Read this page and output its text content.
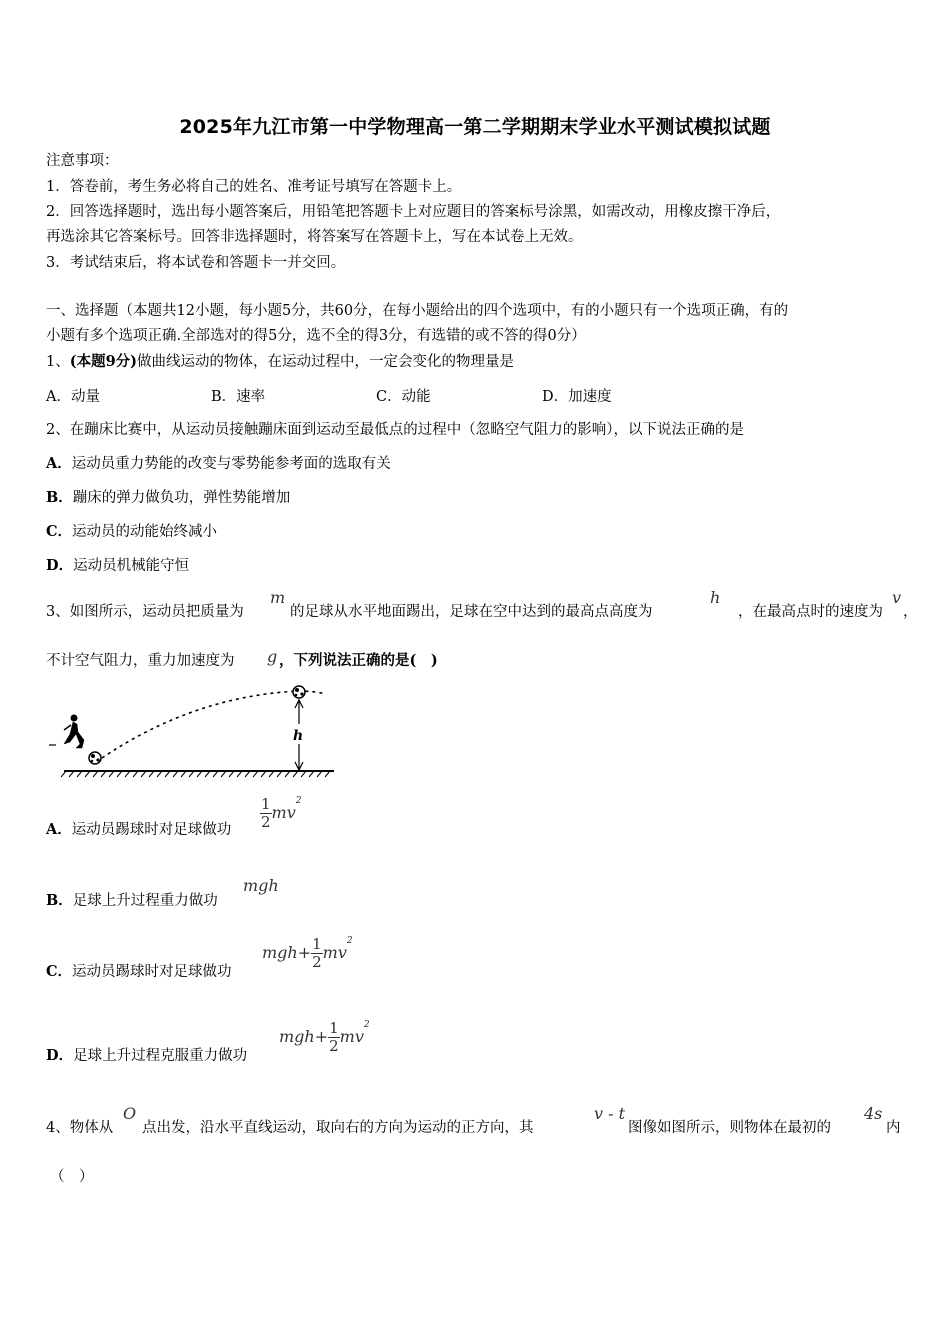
2025年九江市第一中学物理高一第二学期期末学业水平测试模拟试题
注意事项：
1．答卷前，考生务必将自己的姓名、准考证号填写在答题卡上。
2．回答选择题时，选出每小题答案后，用铅笔把答题卡上对应题目的答案标号涂黑，如需改动，用橡皮擦干净后，
再选涂其它答案标号。回答非选择题时，将答案写在答题卡上，写在本试卷上无效。
3．考试结束后，将本试卷和答题卡一并交回。
一、选择题（本题共12小题，每小题5分，共60分，在每小题给出的四个选项中，有的小题只有一个选项正确，有的
小题有多个选项正确.全部选对的得5分，选不全的得3分，有选错的或不答的得0分）
1、(本题9分)做曲线运动的物体，在运动过程中，一定会变化的物理量是
A．动量	B．速率	C．动能	D．加速度
2、在蹦床比赛中，从运动员接触蹦床面到运动至最低点的过程中（忽略空气阻力的影响），以下说法正确的是
A．运动员重力势能的改变与零势能参考面的选取有关
B．蹦床的弹力做负功，弹性势能增加
C．运动员的动能始终减小
D．运动员机械能守恒
3、如图所示，运动员把质量为
m
的足球从水平地面踢出，足球在空中达到的最高点高度为
h
，在最高点时的速度为
v
，
不计空气阻力，重力加速度为 g ，下列说法正确的是(　)
h
A．运动员踢球时对足球做功 $\frac{1}{2} mv^2$
B．足球上升过程重力做功
mgh
C．运动员踢球时对足球做功
$mgh+ \frac{1}{2} mv^2$
D．足球上升过程克服重力做功
$mgh+ \frac{1}{2} mv^2$
4、物体从
O
点出发，沿水平直线运动，取向右的方向为运动的正方向，其
v - t
图像如图所示，则物体在最初的
4s
内
（　）
